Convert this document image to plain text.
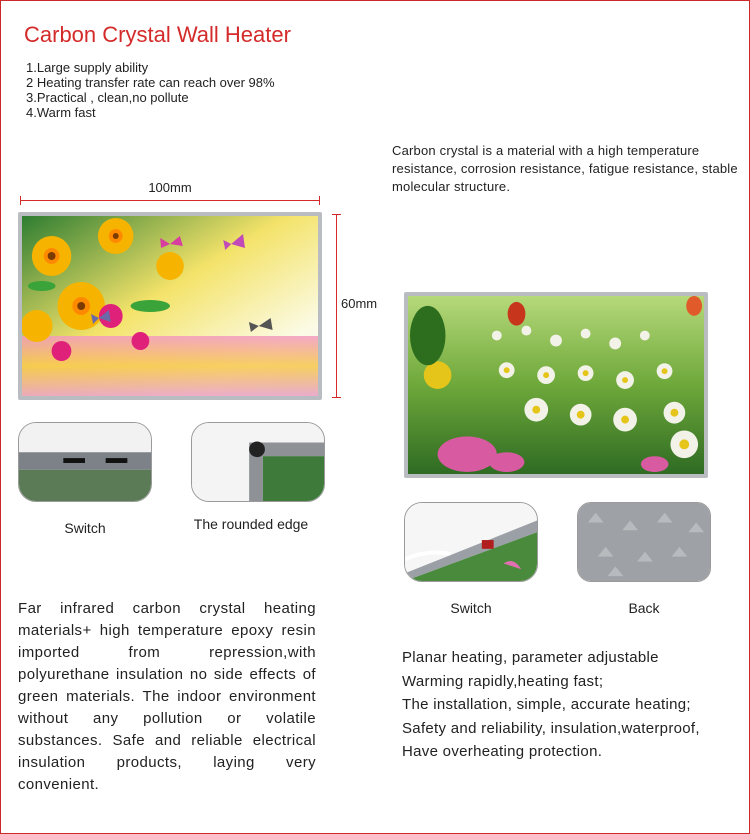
Carbon Crystal Wall Heater
1.Large supply ability
2 Heating transfer rate can reach over 98%
3.Practical , clean,no pollute
4.Warm fast
Carbon crystal is a material with a high temperature resistance, corrosion resistance, fatigue resistance, stable molecular structure.
100mm
60mm
Switch	The rounded edge
Switch	Back
Far infrared carbon crystal heating materials+ high temperature epoxy resin imported from repression,with polyurethane insulation no side effects of green materials. The indoor environment without any pollution or volatile substances. Safe and reliable electrical insulation products, laying very convenient.
Planar heating, parameter adjustable
Warming rapidly,heating fast;
The installation, simple, accurate heating;
Safety and reliability, insulation,waterproof,
Have overheating protection.
